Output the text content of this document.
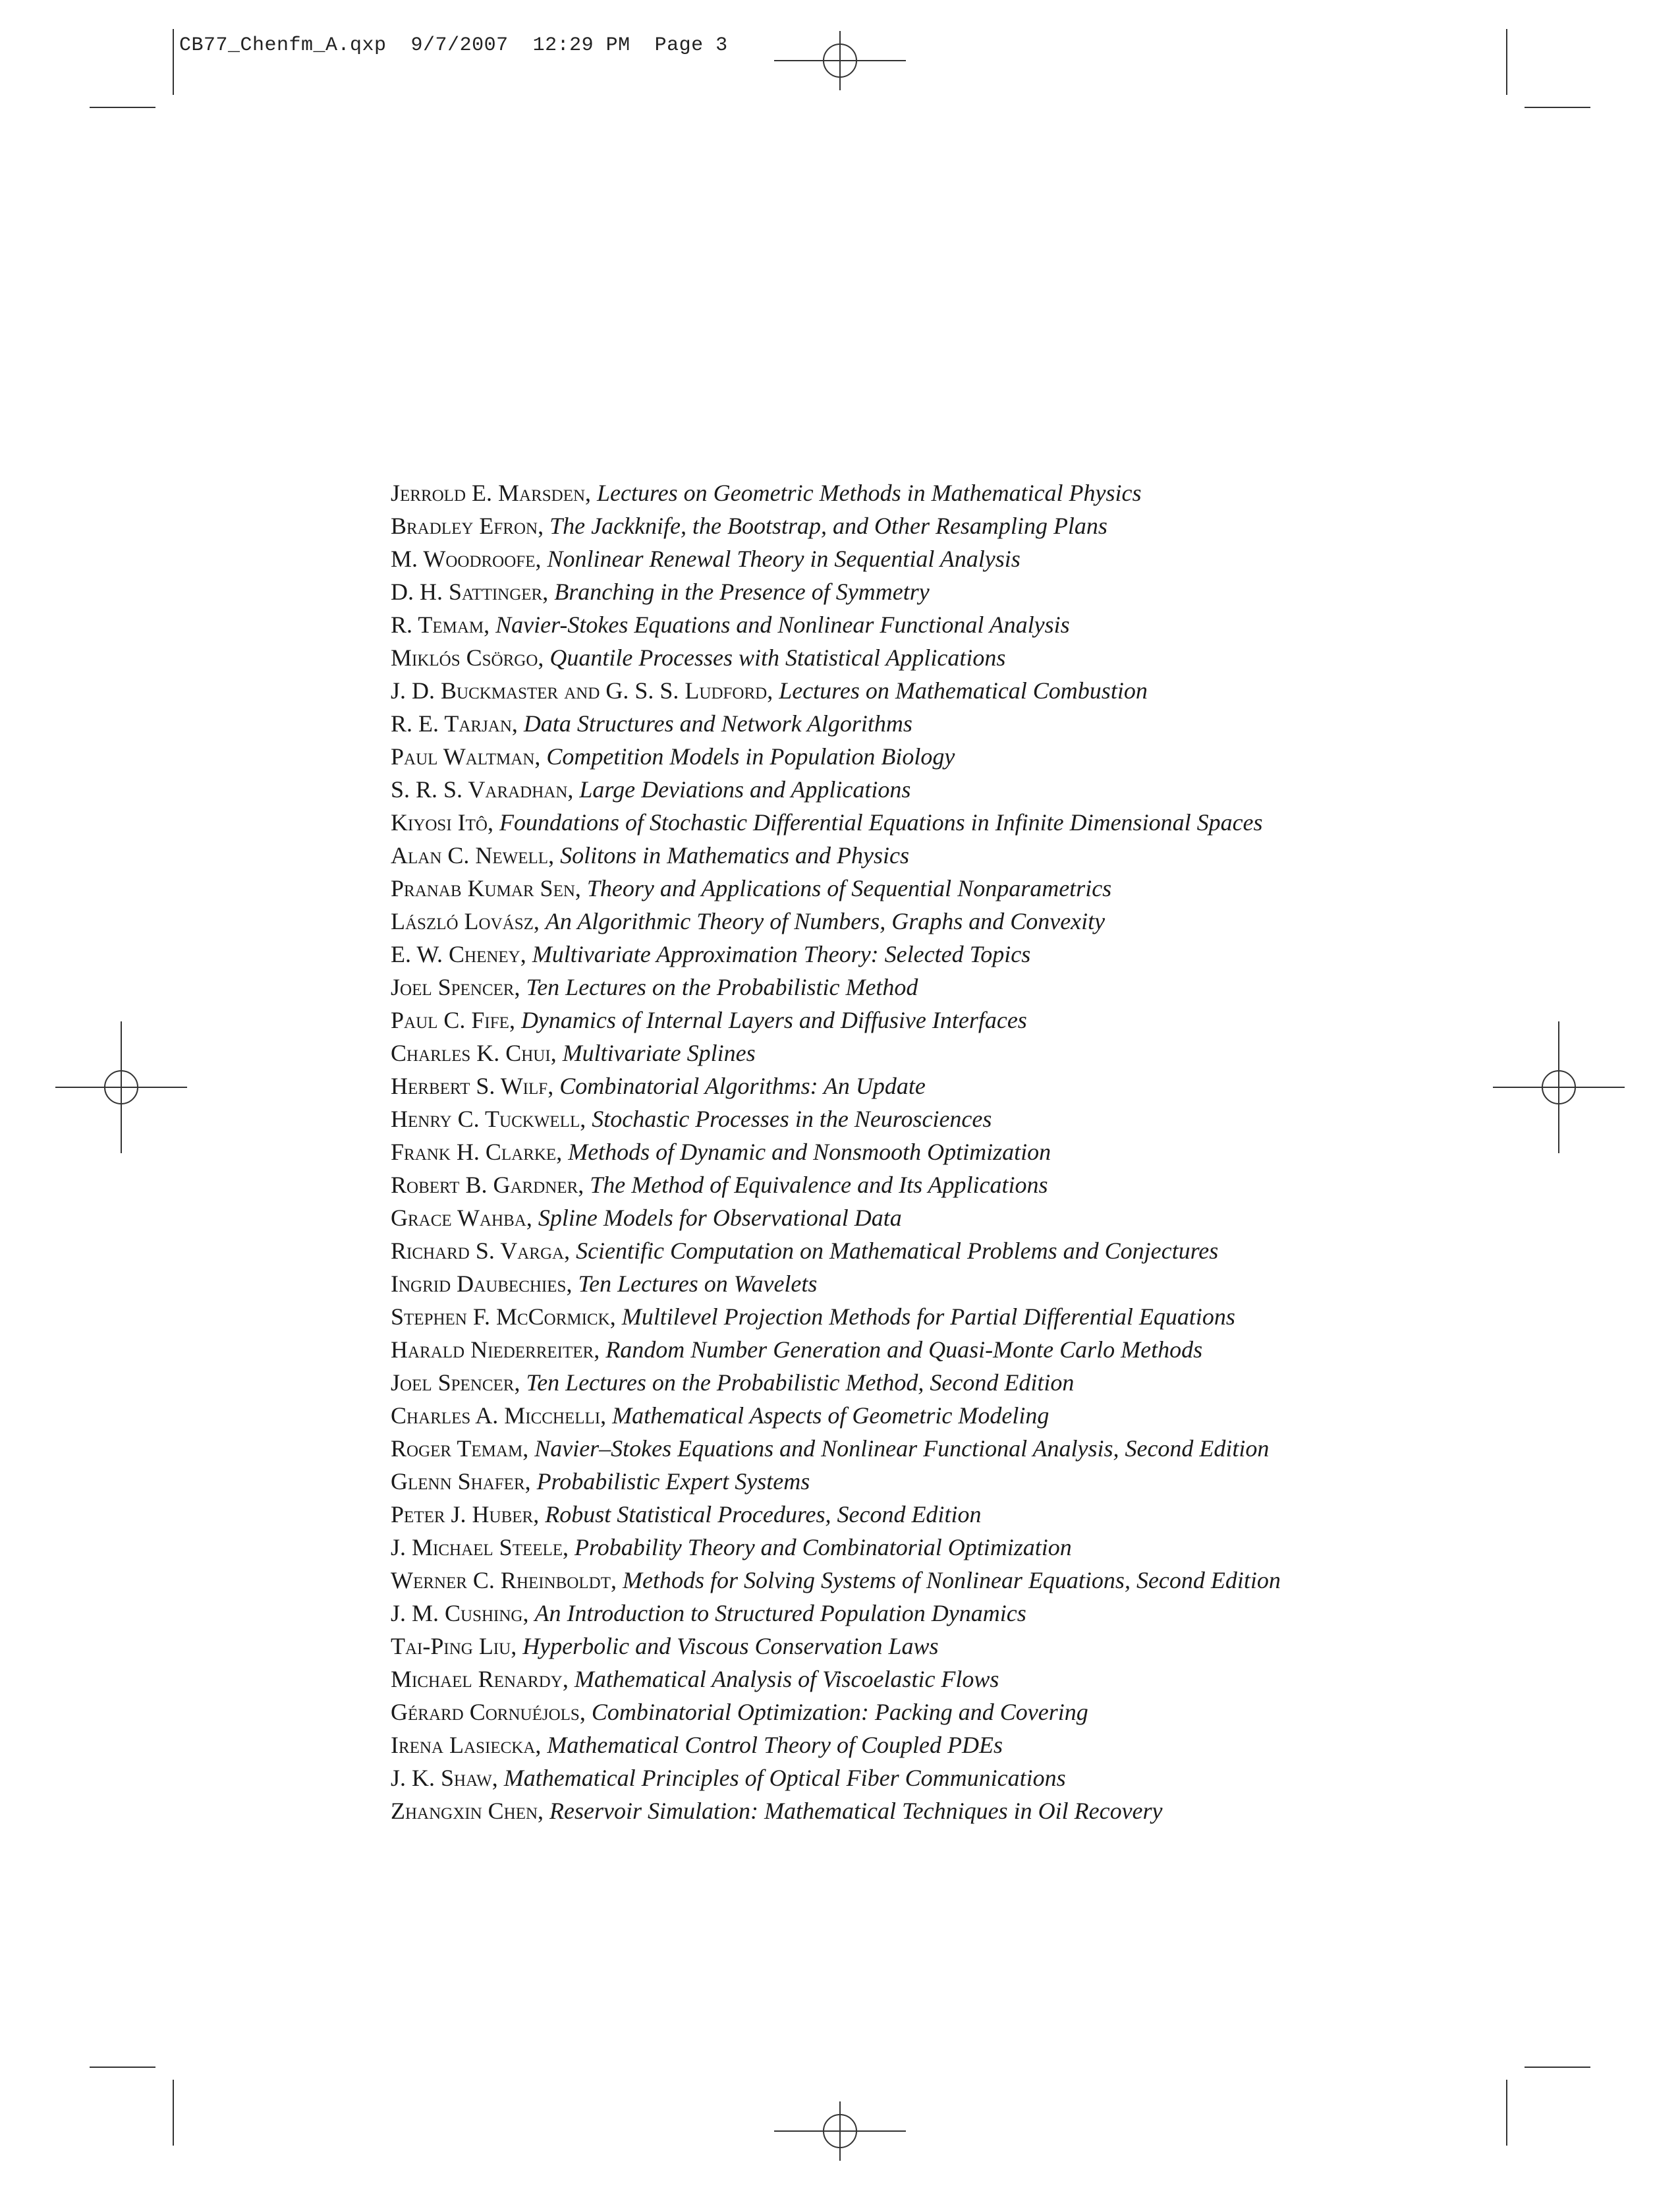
CB77_Chenfm_A.qxp  9/7/2007  12:29 PM  Page 3
Jerrold E. Marsden, Lectures on Geometric Methods in Mathematical Physics
Bradley Efron, The Jackknife, the Bootstrap, and Other Resampling Plans
M. Woodroofe, Nonlinear Renewal Theory in Sequential Analysis
D. H. Sattinger, Branching in the Presence of Symmetry
R. Temam, Navier-Stokes Equations and Nonlinear Functional Analysis
Miklós Csörgo, Quantile Processes with Statistical Applications
J. D. Buckmaster and G. S. S. Ludford, Lectures on Mathematical Combustion
R. E. Tarjan, Data Structures and Network Algorithms
Paul Waltman, Competition Models in Population Biology
S. R. S. Varadhan, Large Deviations and Applications
Kiyosi Itô, Foundations of Stochastic Differential Equations in Infinite Dimensional Spaces
Alan C. Newell, Solitons in Mathematics and Physics
Pranab Kumar Sen, Theory and Applications of Sequential Nonparametrics
László Lovász, An Algorithmic Theory of Numbers, Graphs and Convexity
E. W. Cheney, Multivariate Approximation Theory: Selected Topics
Joel Spencer, Ten Lectures on the Probabilistic Method
Paul C. Fife, Dynamics of Internal Layers and Diffusive Interfaces
Charles K. Chui, Multivariate Splines
Herbert S. Wilf, Combinatorial Algorithms: An Update
Henry C. Tuckwell, Stochastic Processes in the Neurosciences
Frank H. Clarke, Methods of Dynamic and Nonsmooth Optimization
Robert B. Gardner, The Method of Equivalence and Its Applications
Grace Wahba, Spline Models for Observational Data
Richard S. Varga, Scientific Computation on Mathematical Problems and Conjectures
Ingrid Daubechies, Ten Lectures on Wavelets
Stephen F. McCormick, Multilevel Projection Methods for Partial Differential Equations
Harald Niederreiter, Random Number Generation and Quasi-Monte Carlo Methods
Joel Spencer, Ten Lectures on the Probabilistic Method, Second Edition
Charles A. Micchelli, Mathematical Aspects of Geometric Modeling
Roger Temam, Navier–Stokes Equations and Nonlinear Functional Analysis, Second Edition
Glenn Shafer, Probabilistic Expert Systems
Peter J. Huber, Robust Statistical Procedures, Second Edition
J. Michael Steele, Probability Theory and Combinatorial Optimization
Werner C. Rheinboldt, Methods for Solving Systems of Nonlinear Equations, Second Edition
J. M. Cushing, An Introduction to Structured Population Dynamics
Tai-Ping Liu, Hyperbolic and Viscous Conservation Laws
Michael Renardy, Mathematical Analysis of Viscoelastic Flows
Gérard Cornuéjols, Combinatorial Optimization: Packing and Covering
Irena Lasiecka, Mathematical Control Theory of Coupled PDEs
J. K. Shaw, Mathematical Principles of Optical Fiber Communications
Zhangxin Chen, Reservoir Simulation: Mathematical Techniques in Oil Recovery
